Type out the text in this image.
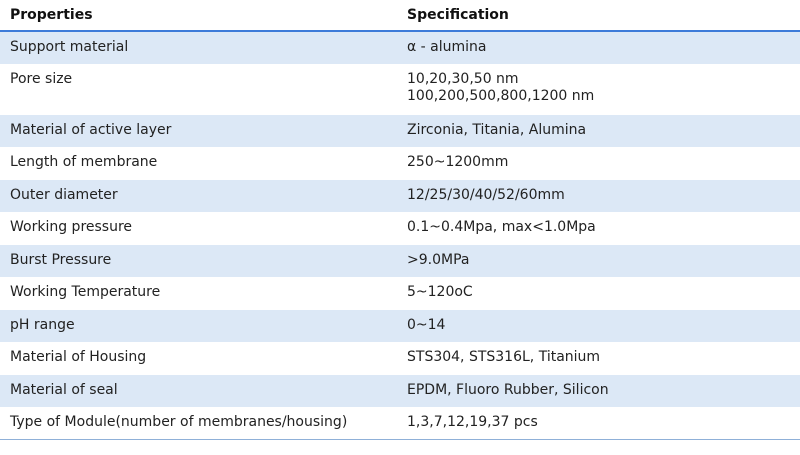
Properties	Specification
Support material	α - alumina

Pore size	10,20,30,50 nm
100,200,500,800,1200 nm

Material of active layer	Zirconia, Titania, Alumina

Length of membrane	250~1200mm

Outer diameter	12/25/30/40/52/60mm

Working pressure	0.1~0.4Mpa, max<1.0Mpa

Burst Pressure	>9.0MPa

Working Temperature	5~120oC

pH range	0~14

Material of Housing	STS304, STS316L, Titanium

Material of seal	EPDM, Fluoro Rubber, Silicon

Type of Module(number of membranes/housing)	1,3,7,12,19,37 pcs
